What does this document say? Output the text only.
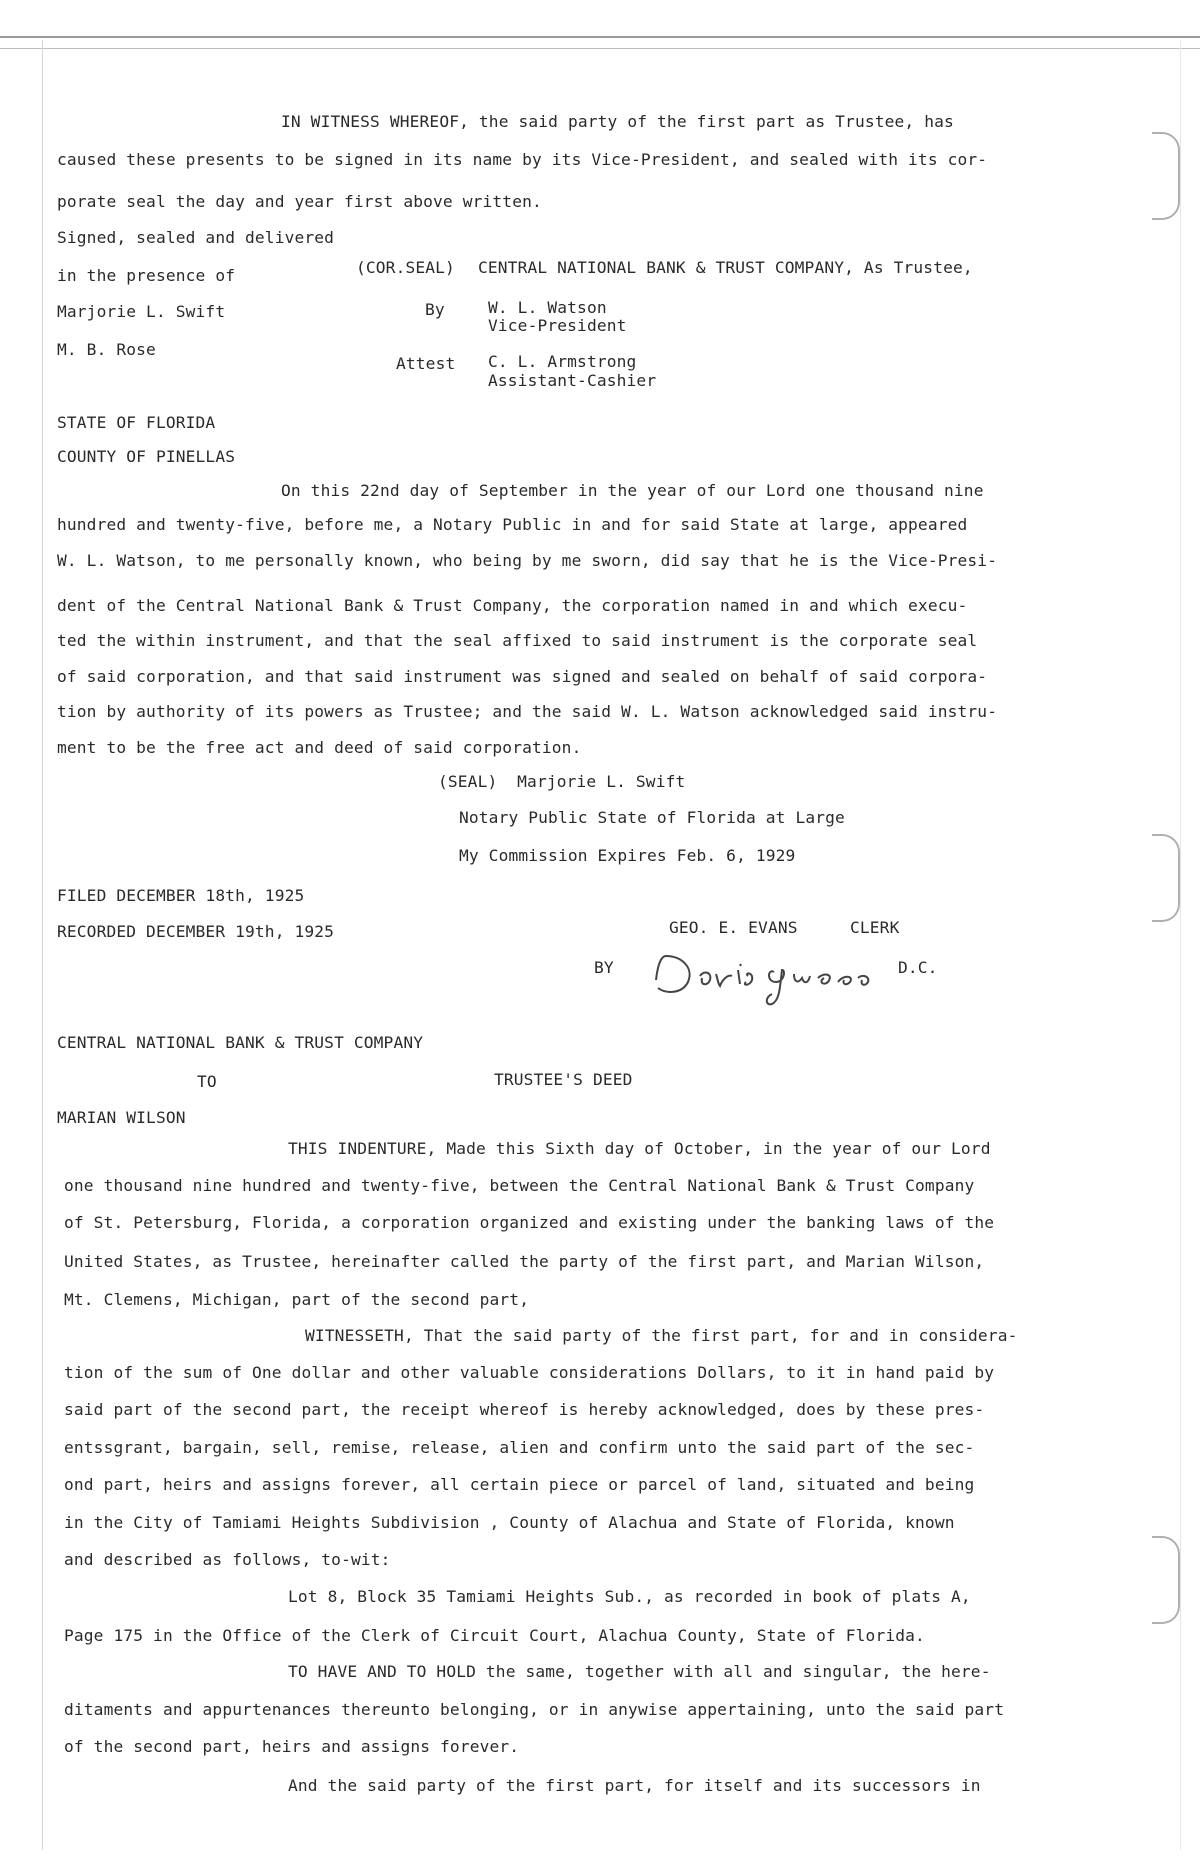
IN WITNESS WHEREOF, the said party of the first part as Trustee, has
caused these presents to be signed in its name by its Vice-President, and sealed with its cor-
porate seal the day and year first above written.
Signed, sealed and delivered
in the presence of	(COR.SEAL) CENTRAL NATIONAL BANK & TRUST COMPANY, As Trustee,
Marjorie L. Swift	By	W. L. Watson
Vice-President
M. B. Rose
Attest C. L. Armstrong
Assistant-Cashier
STATE OF FLORIDA
COUNTY OF PINELLAS
On this 22nd day of September in the year of our Lord one thousand nine
hundred and twenty-five, before me, a Notary Public in and for said State at large, appeared
W. L. Watson, to me personally known, who being by me sworn, did say that he is the Vice-Presi-
dent of the Central National Bank & Trust Company, the corporation named in and which execu-
ted the within instrument, and that the seal affixed to said instrument is the corporate seal
of said corporation, and that said instrument was signed and sealed on behalf of said corpora-
tion by authority of its powers as Trustee; and the said W. L. Watson acknowledged said instru-
ment to be the free act and deed of said corporation.
(SEAL)  Marjorie L. Swift
Notary Public State of Florida at Large
My Commission Expires Feb. 6, 1929
FILED DECEMBER 18th, 1925
RECORDED DECEMBER 19th, 1925	GEO. E. EVANS	CLERK
BY	D.C.
CENTRAL NATIONAL BANK & TRUST COMPANY
TO	TRUSTEE'S DEED
MARIAN WILSON
THIS INDENTURE, Made this Sixth day of October, in the year of our Lord
one thousand nine hundred and twenty-five, between the Central National Bank & Trust Company
of St. Petersburg, Florida, a corporation organized and existing under the banking laws of the
United States, as Trustee, hereinafter called the party of the first part, and Marian Wilson,
Mt. Clemens, Michigan, part of the second part,
WITNESSETH, That the said party of the first part, for and in considera-
tion of the sum of One dollar and other valuable considerations Dollars, to it in hand paid by
said part of the second part, the receipt whereof is hereby acknowledged, does by these pres-
entssgrant, bargain, sell, remise, release, alien and confirm unto the said part of the sec-
ond part, heirs and assigns forever, all certain piece or parcel of land, situated and being
in the City of Tamiami Heights Subdivision , County of Alachua and State of Florida, known
and described as follows, to-wit:
Lot 8, Block 35 Tamiami Heights Sub., as recorded in book of plats A,
Page 175 in the Office of the Clerk of Circuit Court, Alachua County, State of Florida.
TO HAVE AND TO HOLD the same, together with all and singular, the here-
ditaments and appurtenances thereunto belonging, or in anywise appertaining, unto the said part
of the second part, heirs and assigns forever.
And the said party of the first part, for itself and its successors in
